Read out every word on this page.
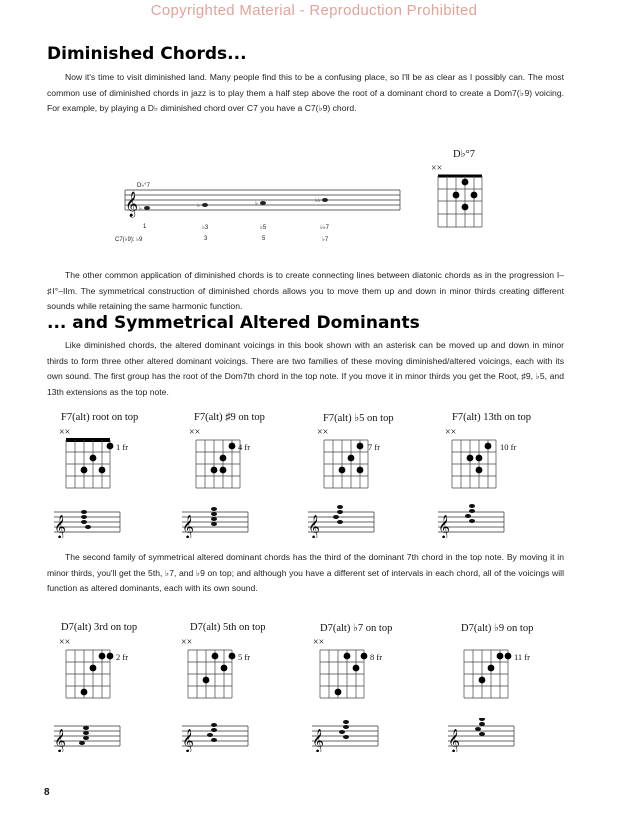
Copyrighted Material - Reproduction Prohibited
Diminished Chords...
Now it's time to visit diminished land. Many people find this to be a confusing place, so I'll be as clear as I possibly can. The most common use of diminished chords in jazz is to play them a half step above the root of a dominant chord to create a Dom7(♭9) voicing. For example, by playing a D♭ diminished chord over C7 you have a C7(♭9) chord.
𝄞 ♭	♭	♭	♭♭
D♭°7
1	♭3	♭5	♭♭7
C7(♭9): ♭9	3	5	♭7
D♭°7
××
The other common application of diminished chords is to create connecting lines between diatonic chords as in the progression I–♯I°–IIm. The symmetrical construction of diminished chords allows you to move them up and down in minor thirds creating different sounds while retaining the same harmonic function.
... and Symmetrical Altered Dominants
Like diminished chords, the altered dominant voicings in this book shown with an asterisk can be moved up and down in minor thirds to form three other altered dominant voicings. There are two families of these moving diminished/altered voicings, each with its own sound. The first group has the root of the Dom7th chord in the top note. If you move it in minor thirds you get the Root, ♯9, ♭5, and 13th extensions as the top note.
F7(alt) root on top	F7(alt) ♯9 on top	F7(alt) ♭5 on top	F7(alt) 13th on top
××
1 fr
××
4 fr
××
7 fr
××
10 fr
𝄞	𝄞	𝄞	𝄞
The second family of symmetrical altered dominant chords has the third of the dominant 7th chord in the top note. By moving it in minor thirds, you'll get the 5th, ♭7, and ♭9 on top; and although you have a different set of intervals in each chord, all of the voicings will function as altered dominants, each with its own sound.
D7(alt) 3rd on top	D7(alt) 5th on top	D7(alt) ♭7 on top	D7(alt) ♭9 on top
××
2 fr
××
5 fr
××
8 fr	11 fr
𝄞	𝄞	𝄞	𝄞
8
